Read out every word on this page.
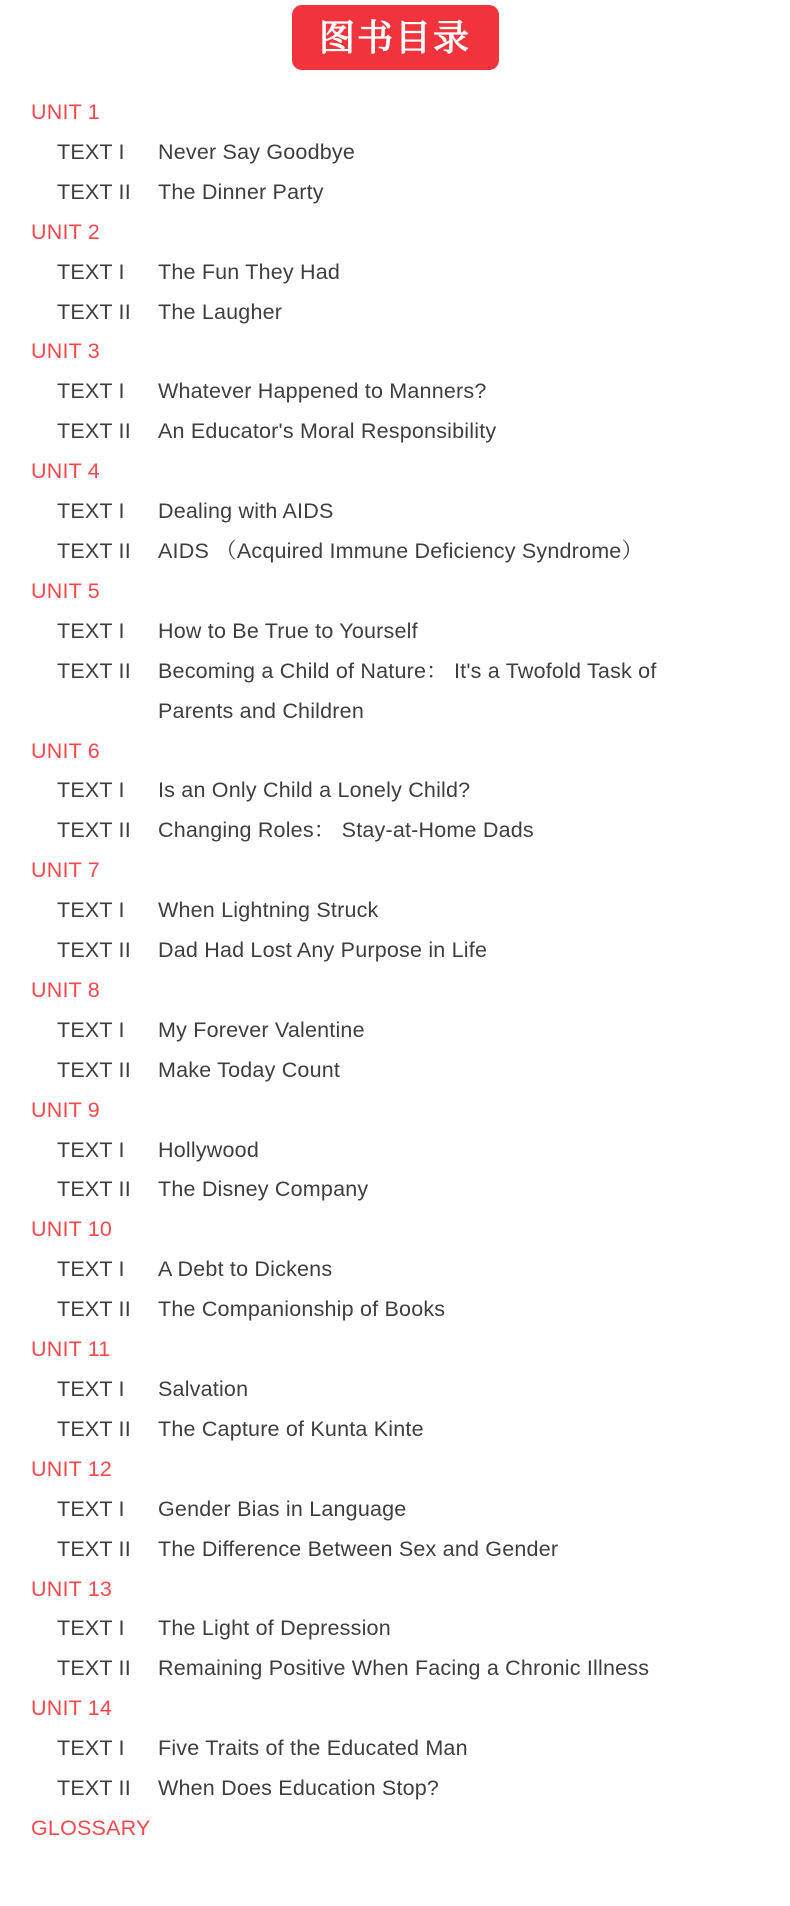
图书目录
UNIT 1
TEXT I	Never Say Goodbye
TEXT II	The Dinner Party
UNIT 2
TEXT I	The Fun They Had
TEXT II	The Laugher
UNIT 3
TEXT I	Whatever Happened to Manners?
TEXT II	An Educator's Moral Responsibility
UNIT 4
TEXT I	Dealing with AIDS
TEXT II	AIDS （Acquired Immune Deficiency Syndrome）
UNIT 5
TEXT I	How to Be True to Yourself
TEXT II	Becoming a Child of Nature： It's a Twofold Task of Parents and Children
UNIT 6
TEXT I	Is an Only Child a Lonely Child?
TEXT II	Changing Roles： Stay-at-Home Dads
UNIT 7
TEXT I	When Lightning Struck
TEXT II	Dad Had Lost Any Purpose in Life
UNIT 8
TEXT I	My Forever Valentine
TEXT II	Make Today Count
UNIT 9
TEXT I	Hollywood
TEXT II	The Disney Company
UNIT 10
TEXT I	A Debt to Dickens
TEXT II	The Companionship of Books
UNIT 11
TEXT I	Salvation
TEXT II	The Capture of Kunta Kinte
UNIT 12
TEXT I	Gender Bias in Language
TEXT II	The Difference Between Sex and Gender
UNIT 13
TEXT I	The Light of Depression
TEXT II	Remaining Positive When Facing a Chronic Illness
UNIT 14
TEXT I	Five Traits of the Educated Man
TEXT II	When Does Education Stop?
GLOSSARY
